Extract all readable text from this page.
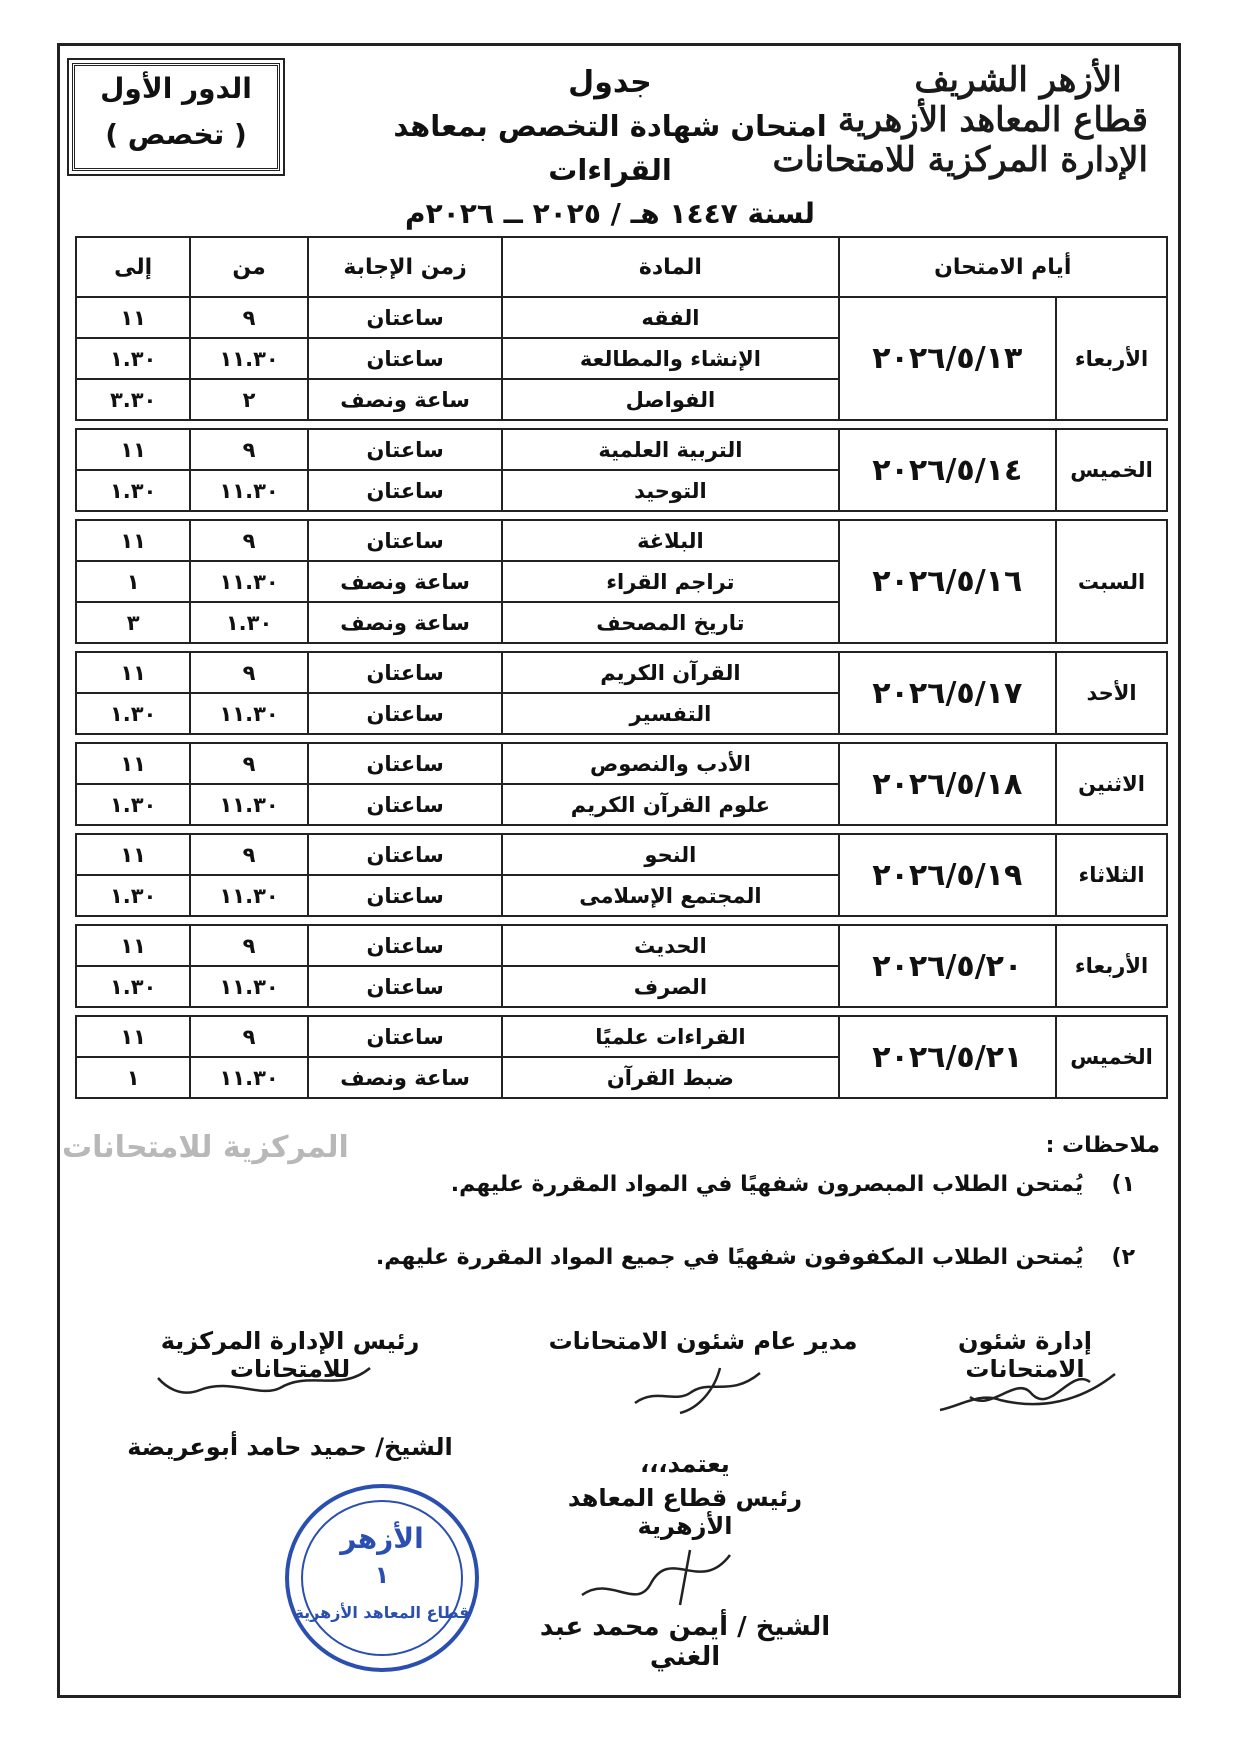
الأزهر الشريف
قطاع المعاهد الأزهرية
الإدارة المركزية للامتحانات
جدول
امتحان شهادة التخصص بمعاهد القراءات
لسنة ١٤٤٧ هـ / ٢٠٢٥ ــ ٢٠٢٦م
الدور الأول
( تخصص )
أيام الامتحان		المادة	زمن الإجابة	من	إلى
الأربعاء	٢٠٢٦/٥/١٣	الفقه	ساعتان	٩	١١
		الإنشاء والمطالعة	ساعتان	١١.٣٠	١.٣٠
		الفواصل	ساعة ونصف	٢	٣.٣٠

الخميس	٢٠٢٦/٥/١٤	التربية العلمية	ساعتان	٩	١١
		التوحيد	ساعتان	١١.٣٠	١.٣٠

السبت	٢٠٢٦/٥/١٦	البلاغة	ساعتان	٩	١١
		تراجم القراء	ساعة ونصف	١١.٣٠	١
		تاريخ المصحف	ساعة ونصف	١.٣٠	٣

الأحد	٢٠٢٦/٥/١٧	القرآن الكريم	ساعتان	٩	١١
		التفسير	ساعتان	١١.٣٠	١.٣٠

الاثنين	٢٠٢٦/٥/١٨	الأدب والنصوص	ساعتان	٩	١١
		علوم القرآن الكريم	ساعتان	١١.٣٠	١.٣٠

الثلاثاء	٢٠٢٦/٥/١٩	النحو	ساعتان	٩	١١
		المجتمع الإسلامى	ساعتان	١١.٣٠	١.٣٠

الأربعاء	٢٠٢٦/٥/٢٠	الحديث	ساعتان	٩	١١
		الصرف	ساعتان	١١.٣٠	١.٣٠

الخميس	٢٠٢٦/٥/٢١	القراءات علميًا	ساعتان	٩	١١
		ضبط القرآن	ساعة ونصف	١١.٣٠	١
المركزية للامتحانات	ملاحظات :
١) يُمتحن الطلاب المبصرون شفهيًا في المواد المقررة عليهم.
٢) يُمتحن الطلاب المكفوفون شفهيًا في جميع المواد المقررة عليهم.
إدارة شئون الامتحانات
مدير عام شئون الامتحانات
رئيس الإدارة المركزية للامتحانات
الشيخ/ حميد حامد أبوعريضة
يعتمد،،،
رئيس قطاع المعاهد الأزهرية
الشيخ / أيمن محمد عبد الغني
الأزهر
١
قطاع المعاهد الأزهرية
